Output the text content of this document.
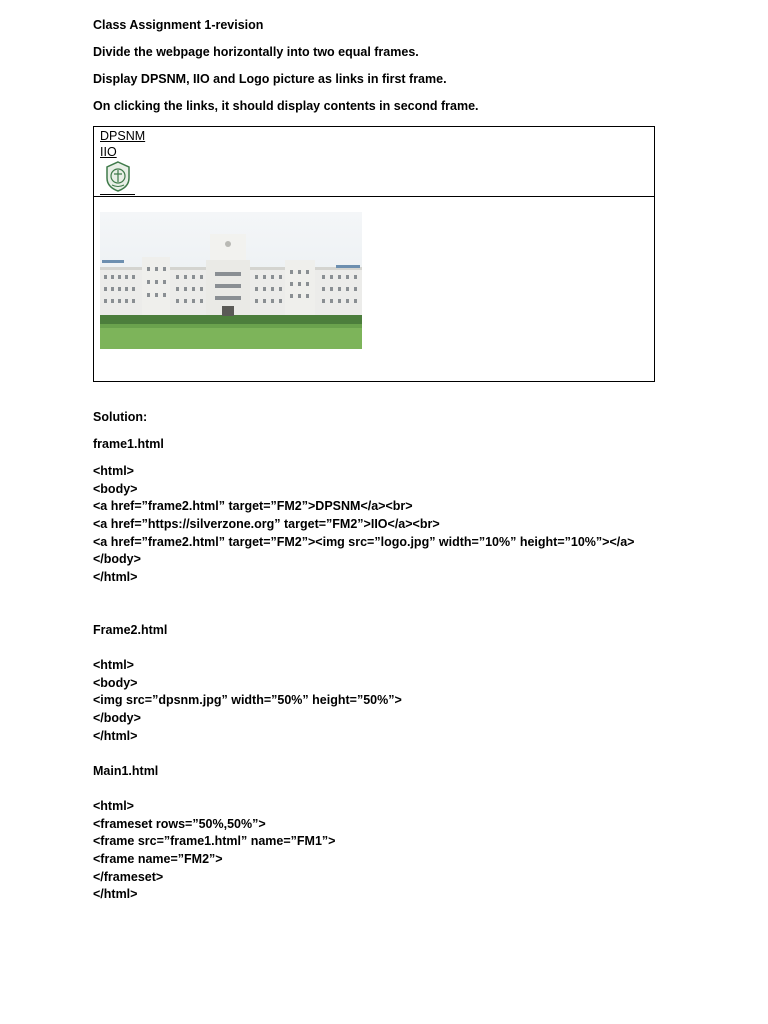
Class Assignment 1-revision
Divide the webpage horizontally into two equal frames.
Display DPSNM, IIO and Logo picture as links in first frame.
On clicking the links, it should display contents in second frame.
DPSNM
IIO
Solution:
frame1.html
<html>
<body>
<a href=”frame2.html” target=”FM2”>DPSNM</a><br>
<a href=”https://silverzone.org” target=”FM2”>IIO</a><br>
<a href=”frame2.html” target=”FM2”><img src=”logo.jpg” width=”10%” height=”10%”></a>
</body>
</html>
Frame2.html
<html>
<body>
<img src=”dpsnm.jpg” width=”50%” height=”50%”>
</body>
</html>
Main1.html
<html>
<frameset rows=”50%,50%”>
<frame src=”frame1.html” name=”FM1”>
<frame name=”FM2”>
</frameset>
</html>
